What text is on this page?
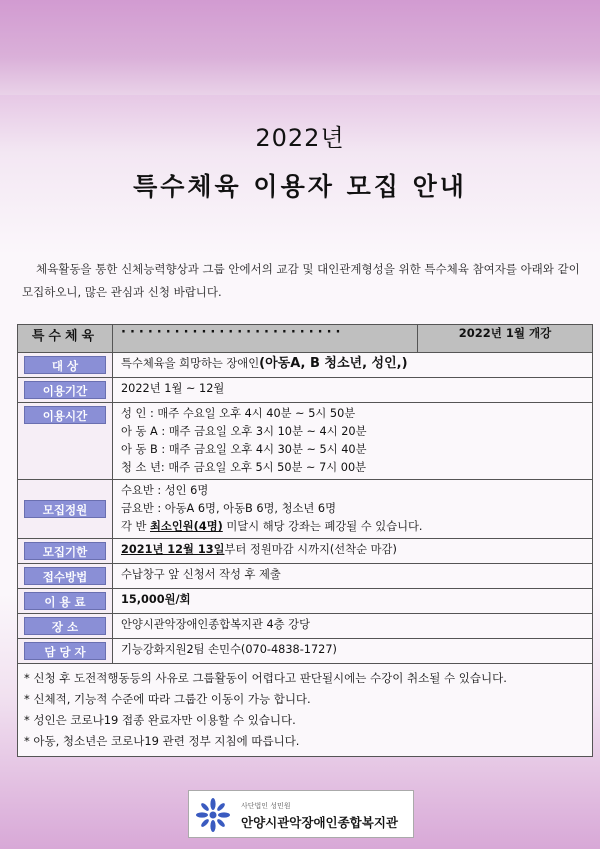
2022년
특수체육 이용자 모집 안내
체육활동을 통한 신체능력향상과 그룹 안에서의 교감 및 대인관계형성을 위한 특수체육 참여자를 아래와 같이 모집하오니, 많은 관심과 신청 바랍니다.
특수체육	·························	2022년 1월 개강

대 상	특수체육을 희망하는 장애인(아동A, B 청소년, 성인,)	

이용기간	2022년 1월 ~ 12월	

이용시간	성 인 : 매주 수요일 오후 4시 40분 ~ 5시 50분
아 동 A : 매주 금요일 오후 3시 10분 ~ 4시 20분
아 동 B : 매주 금요일 오후 4시 30분 ~ 5시 40분
청 소 년: 매주 금요일 오후 5시 50분 ~ 7시 00분	

모집정원	수요반 : 성인 6명
금요반 : 아동A 6명, 아동B 6명, 청소년 6명
각 반 최소인원(4명) 미달시 해당 강좌는 폐강될 수 있습니다.	

모집기한	2021년 12월 13일부터 정원마감 시까지(선착순 마감)	

접수방법	수납창구 앞 신청서 작성 후 제출	

이 용 료	15,000원/회	

장 소	안양시관악장애인종합복지관 4층 강당	

담 당 자	기능강화지원2팀 손민수(070-4838-1727)	

* 신청 후 도전적행동등의 사유로 그룹활동이 어렵다고 판단될시에는 수강이 취소될 수 있습니다.
* 신체적, 기능적 수준에 따라 그룹간 이동이 가능 합니다.
* 성인은 코로나19 접종 완료자만 이용할 수 있습니다.
* 아동, 청소년은 코로나19 관련 정부 지침에 따릅니다.		
사단법인 성민원
안양시관악장애인종합복지관
